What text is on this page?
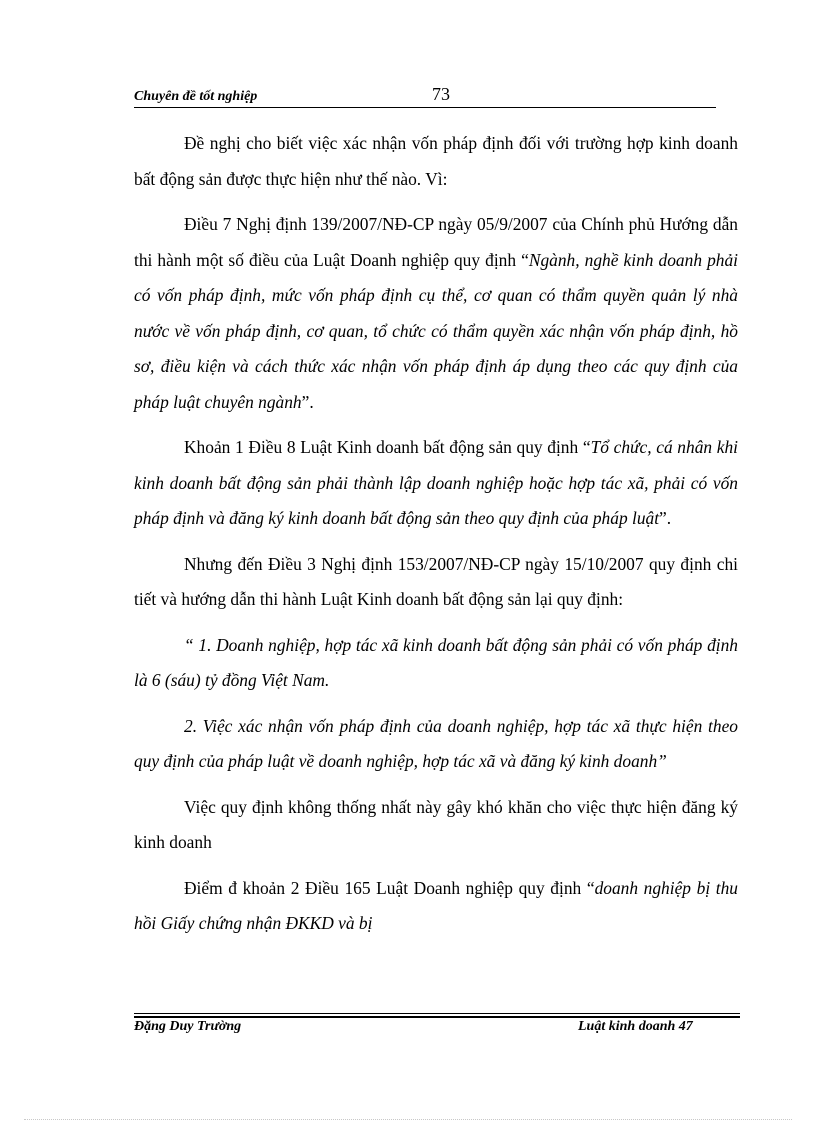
Chuyên đề tốt nghiệp	73

Đề nghị cho biết việc xác nhận vốn pháp định đối với trường hợp kinh doanh bất động sản được thực hiện như thế nào. Vì:

Điều 7 Nghị định 139/2007/NĐ-CP ngày 05/9/2007 của Chính phủ Hướng dẫn thi hành một số điều của Luật Doanh nghiệp quy định “Ngành, nghề kinh doanh phải có vốn pháp định, mức vốn pháp định cụ thể, cơ quan có thẩm quyền quản lý nhà nước về vốn pháp định, cơ quan, tổ chức có thẩm quyền xác nhận vốn pháp định, hồ sơ, điều kiện và cách thức xác nhận vốn pháp định áp dụng theo các quy định của pháp luật chuyên ngành”.

Khoản 1 Điều 8 Luật Kinh doanh bất động sản quy định “Tổ chức, cá nhân khi kinh doanh bất động sản phải thành lập doanh nghiệp hoặc hợp tác xã, phải có vốn pháp định và đăng ký kinh doanh bất động sản theo quy định của pháp luật”.

Nhưng đến Điều 3 Nghị định 153/2007/NĐ-CP ngày 15/10/2007 quy định chi tiết và hướng dẫn thi hành Luật Kinh doanh bất động sản lại quy định:

“ 1. Doanh nghiệp, hợp tác xã kinh doanh bất động sản phải có vốn pháp định là 6 (sáu) tỷ đồng Việt Nam.

2. Việc xác nhận vốn pháp định của doanh nghiệp, hợp tác xã thực hiện theo quy định của pháp luật về doanh nghiệp, hợp tác xã và đăng ký kinh doanh”

Việc quy định không thống nhất này gây khó khăn cho việc thực hiện đăng ký kinh doanh

Điểm đ khoản 2 Điều 165 Luật Doanh nghiệp quy định “doanh nghiệp bị thu hồi Giấy chứng nhận ĐKKD và bị

Đặng Duy Trường	Luật kinh doanh 47
